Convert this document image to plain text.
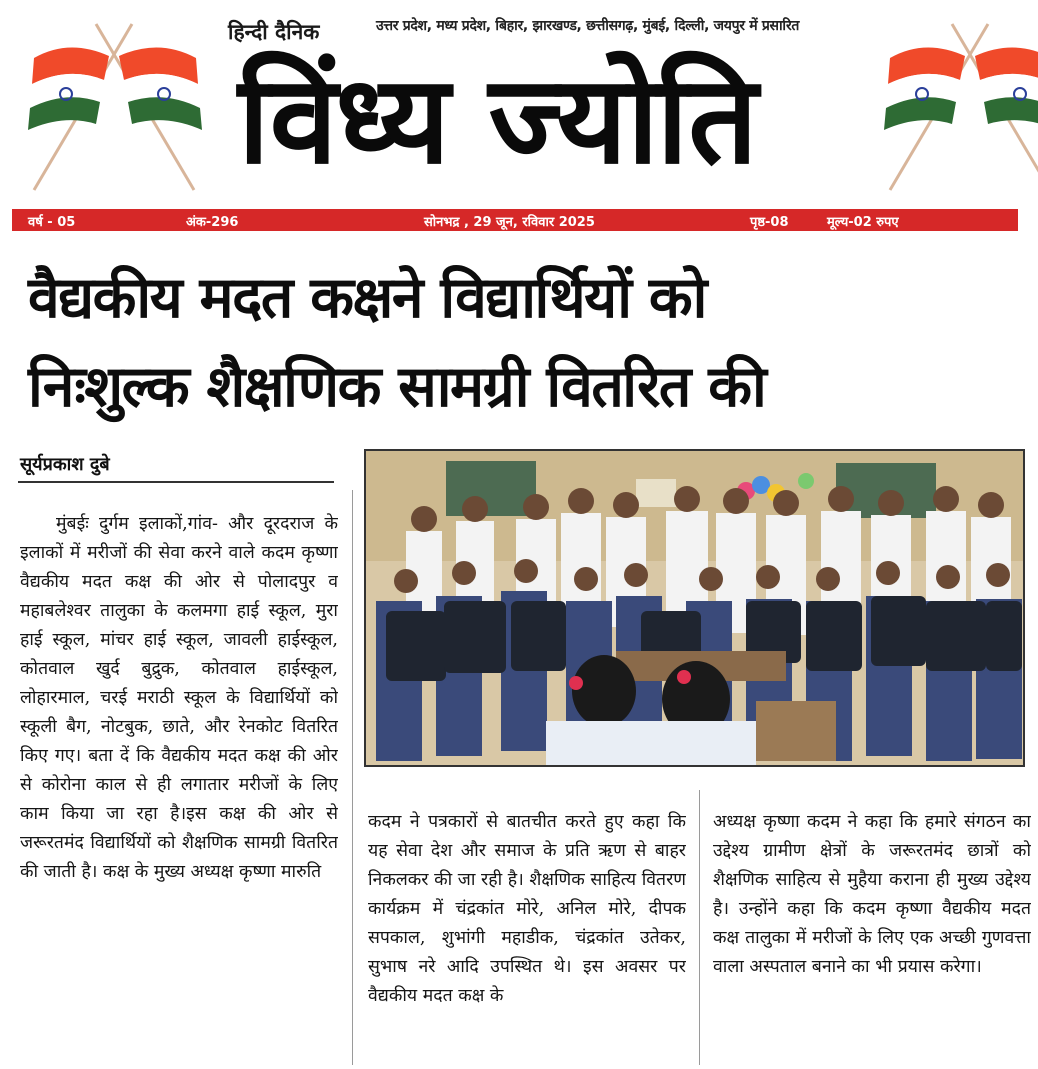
हिन्दी दैनिक	उत्तर प्रदेश, मध्य प्रदेश, बिहार, झारखण्ड, छत्तीसगढ़, मुंबई, दिल्ली, जयपुर में प्रसारित
विंध्य ज्योति
वर्ष - 05	अंक-296	सोनभद्र , 29 जून, रविवार 2025	पृष्ठ-08	मूल्य-02 रुपए
वैद्यकीय मदत कक्षने विद्यार्थियों को
निःशुल्क शैक्षणिक सामग्री वितरित की
सूर्यप्रकाश दुबे

मुंबईः दुर्गम इलाकों,गांव- और दूरदराज के इलाकों में मरीजों की सेवा करने वाले कदम कृष्णा वैद्यकीय मदत कक्ष की ओर से पोलादपुर व महाबलेश्वर तालुका के कलमगा हाई स्कूल, मुरा हाई स्कूल, मांचर हाई स्कूल, जावली हाईस्कूल, कोतवाल खुर्द बुद्रुक, कोतवाल हाईस्कूल, लोहारमाल, चरई मराठी स्कूल के विद्यार्थियों को स्कूली बैग, नोटबुक, छाते, और रेनकोट वितरित किए गए। बता दें कि वैद्यकीय मदत कक्ष की ओर से कोरोना काल से ही लगातार मरीजों के लिए काम किया जा रहा है।इस कक्ष की ओर से जरूरतमंद विद्यार्थियों को शैक्षणिक सामग्री वितरित की जाती है। कक्ष के मुख्य अध्यक्ष कृष्णा मारुति

कदम ने पत्रकारों से बातचीत करते हुए कहा कि यह सेवा देश और समाज के प्रति ऋण से बाहर निकलकर की जा रही है। शैक्षणिक साहित्य वितरण कार्यक्रम में चंद्रकांत मोरे, अनिल मोरे, दीपक सपकाल, शुभांगी महाडीक, चंद्रकांत उतेकर, सुभाष नरे आदि उपस्थित थे। इस अवसर पर वैद्यकीय मदत कक्ष के

अध्यक्ष कृष्णा कदम ने कहा कि हमारे संगठन का उद्देश्य ग्रामीण क्षेत्रों के जरूरतमंद छात्रों को शैक्षणिक साहित्य से मुहैया कराना ही मुख्य उद्देश्य है। उन्होंने कहा कि कदम कृष्णा वैद्यकीय मदत कक्ष तालुका में मरीजों के लिए एक अच्छी गुणवत्ता वाला अस्पताल बनाने का भी प्रयास करेगा।
